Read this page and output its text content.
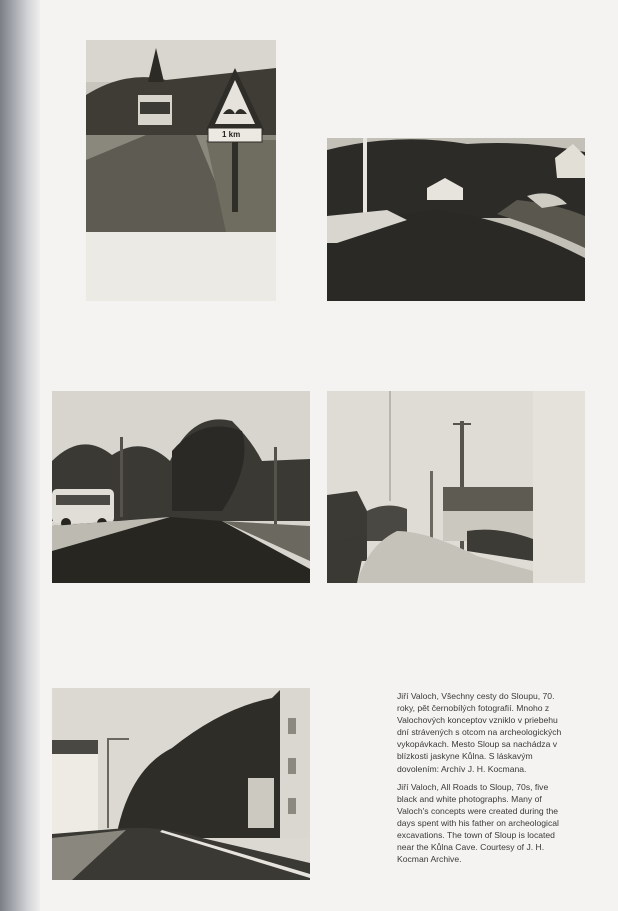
1 km

Jiří Valoch, Všechny cesty do Sloupu, 70. roky, pět černobílých fotografií. Mnoho z Valochových konceptov vzniklo v priebehu dní strávených s otcom na archeologických vykopávkach. Mesto Sloup sa nachádza v blízkosti jaskyne Kůlna. S láskavým dovolením: Archív J. H. Kocmana.

Jiří Valoch, All Roads to Sloup, 70s, five black and white photographs. Many of Valoch's concepts were created during the days spent with his father on archeological excavations. The town of Sloup is located near the Kůlna Cave. Courtesy of J. H. Kocman Archive.
